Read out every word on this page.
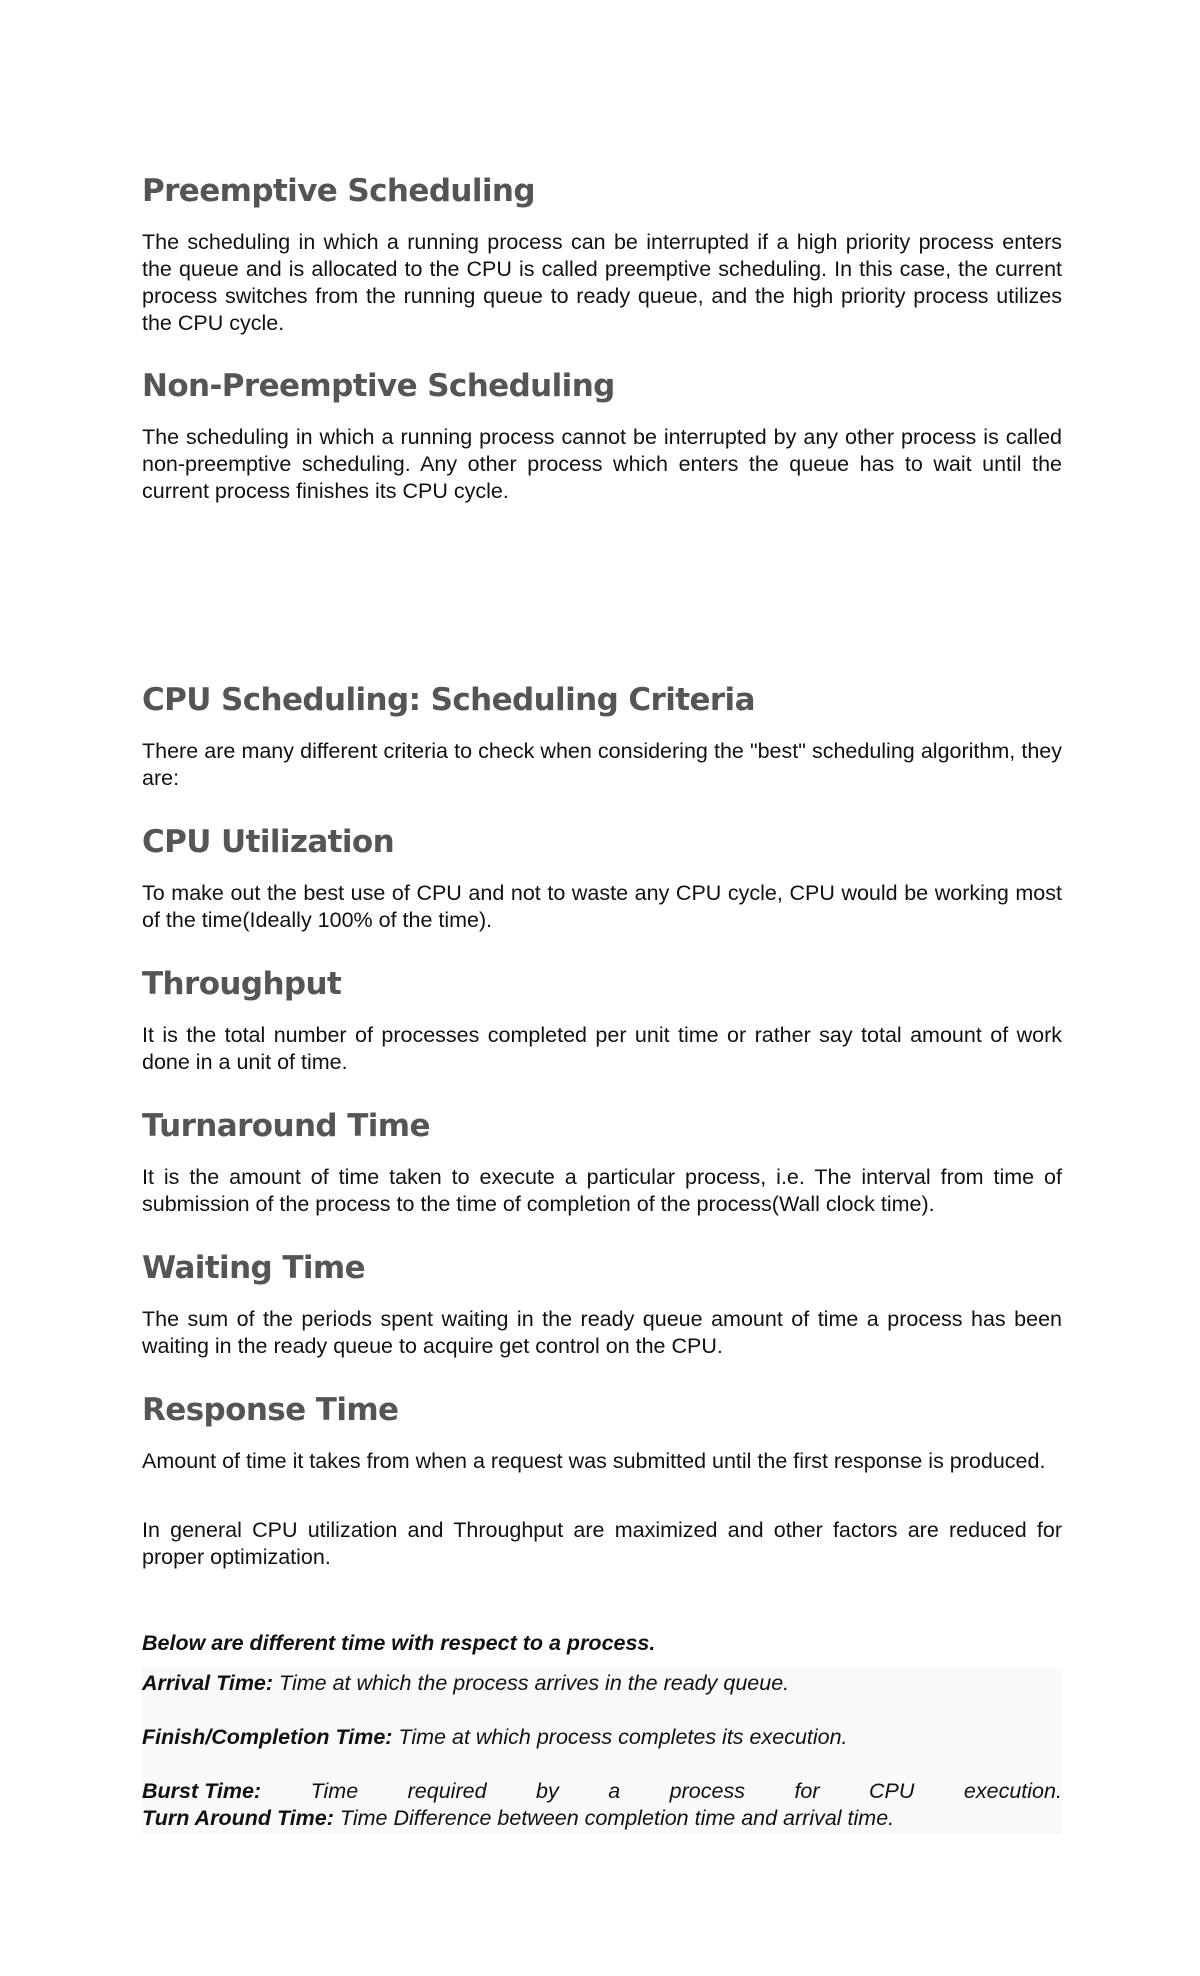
Preemptive Scheduling

The scheduling in which a running process can be interrupted if a high priority process enters the queue and is allocated to the CPU is called preemptive scheduling. In this case, the current process switches from the running queue to ready queue, and the high priority process utilizes the CPU cycle.

Non-Preemptive Scheduling

The scheduling in which a running process cannot be interrupted by any other process is called non-preemptive scheduling. Any other process which enters the queue has to wait until the current process finishes its CPU cycle.

CPU Scheduling: Scheduling Criteria

There are many different criteria to check when considering the "best" scheduling algorithm, they are:

CPU Utilization

To make out the best use of CPU and not to waste any CPU cycle, CPU would be working most of the time(Ideally 100% of the time).

Throughput

It is the total number of processes completed per unit time or rather say total amount of work done in a unit of time.

Turnaround Time

It is the amount of time taken to execute a particular process, i.e. The interval from time of submission of the process to the time of completion of the process(Wall clock time).

Waiting Time

The sum of the periods spent waiting in the ready queue amount of time a process has been waiting in the ready queue to acquire get control on the CPU.

Response Time

Amount of time it takes from when a request was submitted until the first response is produced.

In general CPU utilization and Throughput are maximized and other factors are reduced for proper optimization.

Below are different time with respect to a process.
Arrival Time: Time at which the process arrives in the ready queue.
Finish/Completion Time: Time at which process completes its execution.
Burst Time: Time required by a process for CPU execution.
Turn Around Time: Time Difference between completion time and arrival time.
